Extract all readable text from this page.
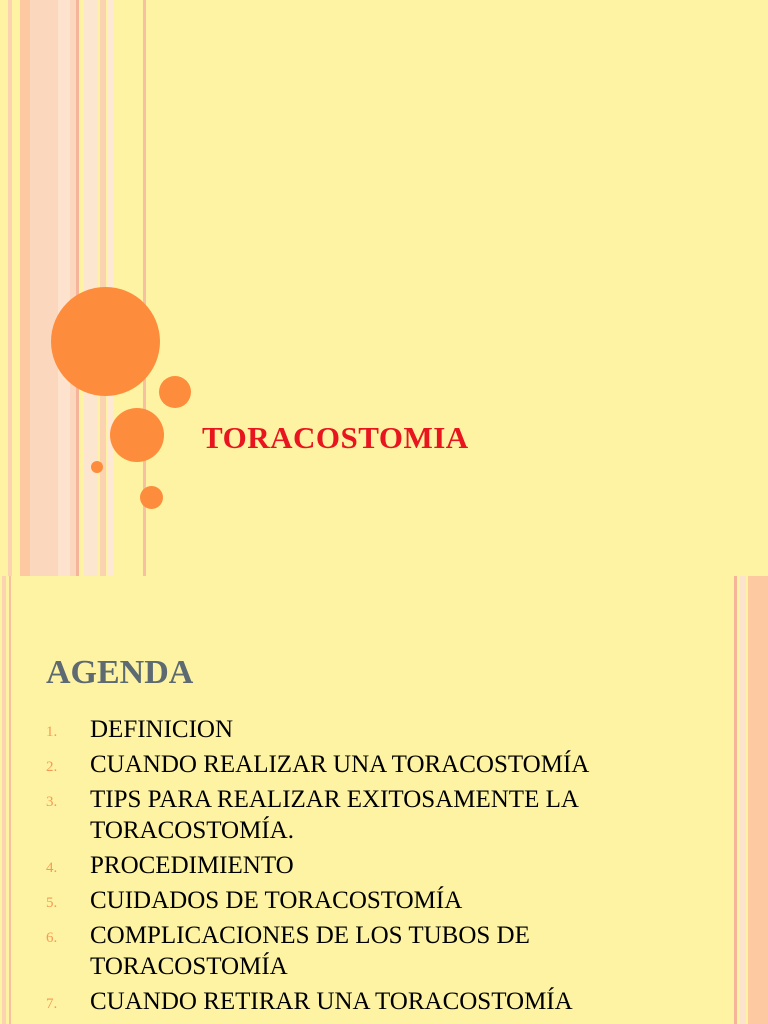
TORACOSTOMIA
AGENDA
1. DEFINICION
2. CUANDO REALIZAR UNA TORACOSTOMÍA
3. TIPS PARA REALIZAR EXITOSAMENTE LA TORACOSTOMÍA.
4. PROCEDIMIENTO
5. CUIDADOS DE TORACOSTOMÍA
6. COMPLICACIONES DE LOS TUBOS DE TORACOSTOMÍA
7. CUANDO RETIRAR UNA TORACOSTOMÍA
